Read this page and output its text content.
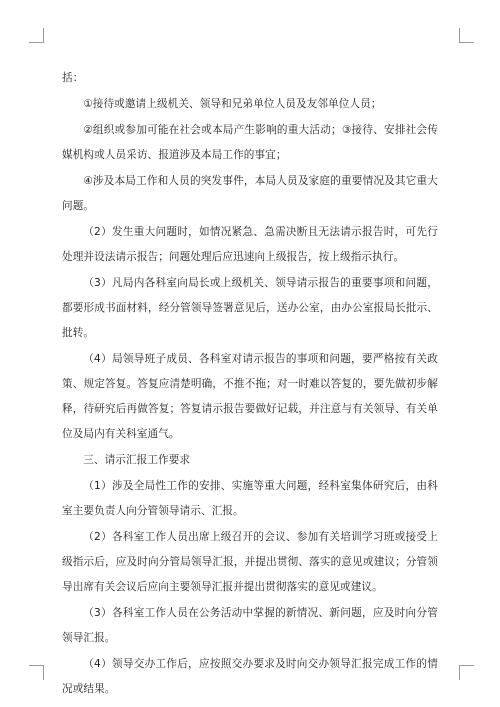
括：

①接待或邀请上级机关、领导和兄弟单位人员及友邻单位人员；

②组织或参加可能在社会或本局产生影响的重大活动；③接待、安排社会传媒机构或人员采访、报道涉及本局工作的事宜；

④涉及本局工作和人员的突发事件，本局人员及家庭的重要情况及其它重大问题。

（2）发生重大问题时，如情况紧急、急需决断且无法请示报告时，可先行处理并设法请示报告；问题处理后应迅速向上级报告，按上级指示执行。

（3）凡局内各科室向局长或上级机关、领导请示报告的重要事项和问题，都要形成书面材料，经分管领导签署意见后，送办公室，由办公室报局长批示、批转。

（4）局领导班子成员、各科室对请示报告的事项和问题，要严格按有关政策、规定答复。答复应清楚明确，不推不拖；对一时难以答复的，要先做初步解释，待研究后再做答复；答复请示报告要做好记载，并注意与有关领导、有关单位及局内有关科室通气。

三、请示汇报工作要求

（1）涉及全局性工作的安排、实施等重大问题，经科室集体研究后，由科室主要负责人向分管领导请示、汇报。

（2）各科室工作人员出席上级召开的会议、参加有关培训学习班或接受上级指示后，应及时向分管局领导汇报，并提出贯彻、落实的意见或建议；分管领导出席有关会议后应向主要领导汇报并提出贯彻落实的意见或建议。

（3）各科室工作人员在公务活动中掌握的新情况、新问题，应及时向分管领导汇报。

（4）领导交办工作后，应按照交办要求及时向交办领导汇报完成工作的情况或结果。
